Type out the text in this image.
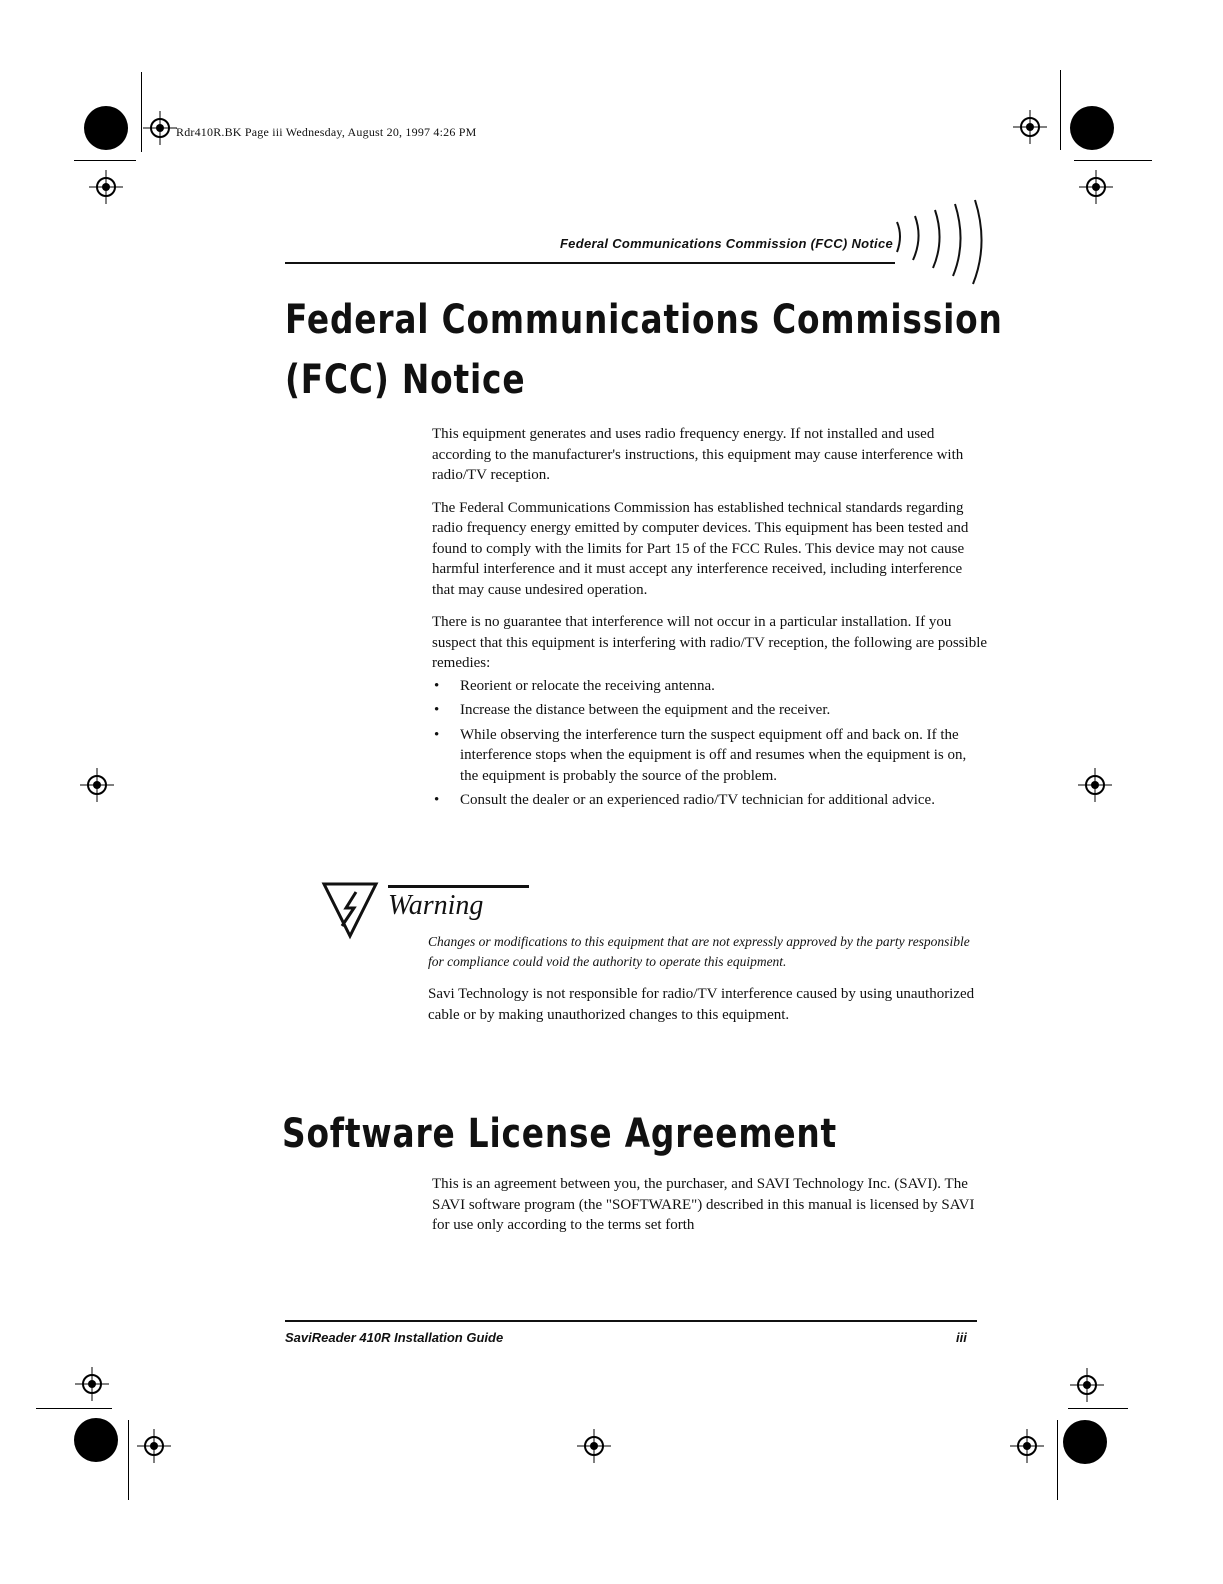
Rdr410R.BK Page iii Wednesday, August 20, 1997 4:26 PM
Federal Communications Commission (FCC) Notice
Federal Communications Commission
(FCC) Notice

This equipment generates and uses radio frequency energy. If not installed and used according to the manufacturer's instructions, this equipment may cause interference with radio/TV reception.

The Federal Communications Commission has established technical standards regarding radio frequency energy emitted by computer devices. This equipment has been tested and found to comply with the limits for Part 15 of the FCC Rules. This device may not cause harmful interference and it must accept any interference received, including interference that may cause undesired operation.

There is no guarantee that interference will not occur in a particular installation. If you suspect that this equipment is interfering with radio/TV reception, the following are possible remedies:

• Reorient or relocate the receiving antenna.
• Increase the distance between the equipment and the receiver.
• While observing the interference turn the suspect equipment off and back on. If the interference stops when the equipment is off and resumes when the equipment is on, the equipment is probably the source of the problem.
• Consult the dealer or an experienced radio/TV technician for additional advice.
Warning

Changes or modifications to this equipment that are not expressly approved by the party responsible for compliance could void the authority to operate this equipment.

Savi Technology is not responsible for radio/TV interference caused by using unauthorized cable or by making unauthorized changes to this equipment.

Software License Agreement

This is an agreement between you, the purchaser, and SAVI Technology Inc. (SAVI). The SAVI software program (the "SOFTWARE") described in this manual is licensed by SAVI for use only according to the terms set forth

SaviReader 410R Installation Guide	iii
